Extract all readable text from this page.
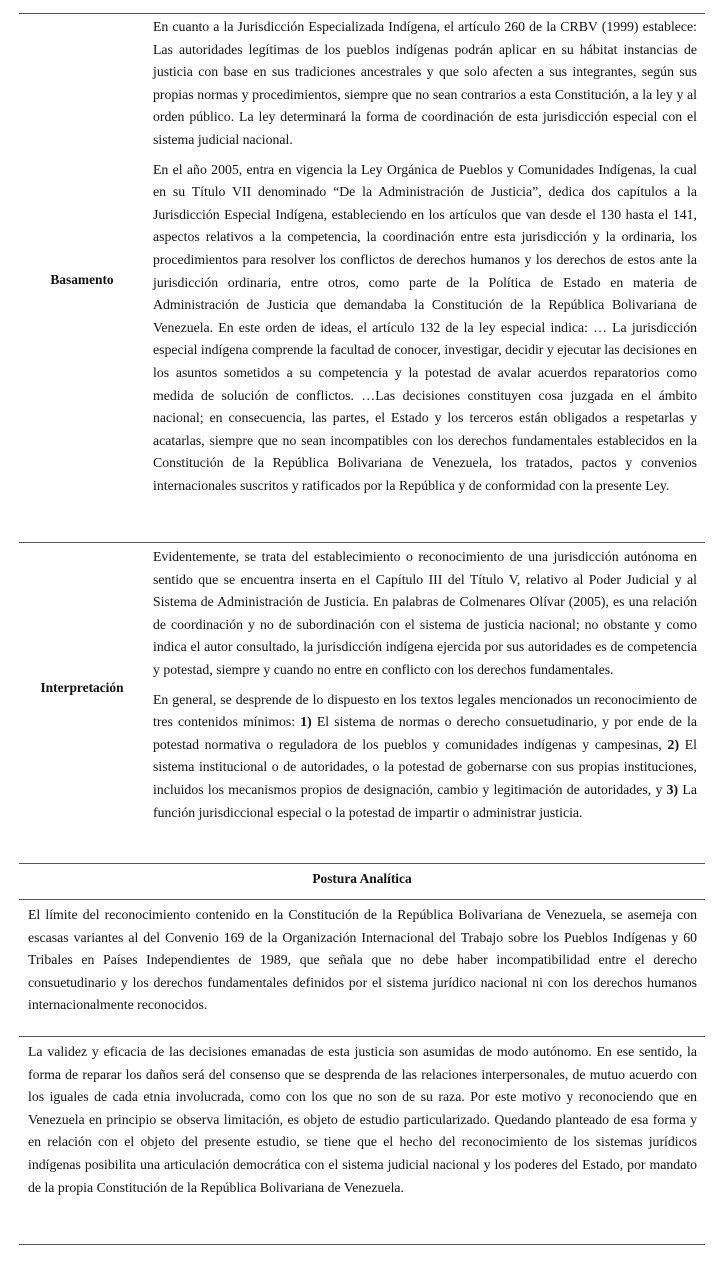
Basamento

En cuanto a la Jurisdicción Especializada Indígena, el artículo 260 de la CRBV (1999) establece: Las autoridades legítimas de los pueblos indígenas podrán aplicar en su hábitat instancias de justicia con base en sus tradiciones ancestrales y que solo afecten a sus integrantes, según sus propias normas y procedimientos, siempre que no sean contrarios a esta Constitución, a la ley y al orden público. La ley determinará la forma de coordinación de esta jurisdicción especial con el sistema judicial nacional.

En el año 2005, entra en vigencia la Ley Orgánica de Pueblos y Comunidades Indígenas, la cual en su Título VII denominado “De la Administración de Justicia”, dedica dos capítulos a la Jurisdicción Especial Indígena, estableciendo en los artículos que van desde el 130 hasta el 141, aspectos relativos a la competencia, la coordinación entre esta jurisdicción y la ordinaria, los procedimientos para resolver los conflictos de derechos humanos y los derechos de estos ante la jurisdicción ordinaria, entre otros, como parte de la Política de Estado en materia de Administración de Justicia que demandaba la Constitución de la República Bolivariana de Venezuela. En este orden de ideas, el artículo 132 de la ley especial indica: … La jurisdicción especial indígena comprende la facultad de conocer, investigar, decidir y ejecutar las decisiones en los asuntos sometidos a su competencia y la potestad de avalar acuerdos reparatorios como medida de solución de conflictos. …Las decisiones constituyen cosa juzgada en el ámbito nacional; en consecuencia, las partes, el Estado y los terceros están obligados a respetarlas y acatarlas, siempre que no sean incompatibles con los derechos fundamentales establecidos en la Constitución de la República Bolivariana de Venezuela, los tratados, pactos y convenios internacionales suscritos y ratificados por la República y de conformidad con la presente Ley.

Interpretación

Evidentemente, se trata del establecimiento o reconocimiento de una jurisdicción autónoma en sentido que se encuentra inserta en el Capítulo III del Título V, relativo al Poder Judicial y al Sistema de Administración de Justicia. En palabras de Colmenares Olívar (2005), es una relación de coordinación y no de subordinación con el sistema de justicia nacional; no obstante y como indica el autor consultado, la jurisdicción indígena ejercida por sus autoridades es de competencia y potestad, siempre y cuando no entre en conflicto con los derechos fundamentales.

En general, se desprende de lo dispuesto en los textos legales mencionados un reconocimiento de tres contenidos mínimos: 1) El sistema de normas o derecho consuetudinario, y por ende de la potestad normativa o reguladora de los pueblos y comunidades indígenas y campesinas, 2) El sistema institucional o de autoridades, o la potestad de gobernarse con sus propias instituciones, incluidos los mecanismos propios de designación, cambio y legitimación de autoridades, y 3) La función jurisdiccional especial o la potestad de impartir o administrar justicia.

Postura Analítica

El límite del reconocimiento contenido en la Constitución de la República Bolivariana de Venezuela, se asemeja con escasas variantes al del Convenio 169 de la Organización Internacional del Trabajo sobre los Pueblos Indígenas y 60 Tribales en Países Independientes de 1989, que señala que no debe haber incompatibilidad entre el derecho consuetudinario y los derechos fundamentales definidos por el sistema jurídico nacional ni con los derechos humanos internacionalmente reconocidos.

La validez y eficacia de las decisiones emanadas de esta justicia son asumidas de modo autónomo. En ese sentido, la forma de reparar los daños será del consenso que se desprenda de las relaciones interpersonales, de mutuo acuerdo con los iguales de cada etnia involucrada, como con los que no son de su raza. Por este motivo y reconociendo que en Venezuela en principio se observa limitación, es objeto de estudio particularizado. Quedando planteado de esa forma y en relación con el objeto del presente estudio, se tiene que el hecho del reconocimiento de los sistemas jurídicos indígenas posibilita una articulación democrática con el sistema judicial nacional y los poderes del Estado, por mandato de la propia Constitución de la República Bolivariana de Venezuela.
